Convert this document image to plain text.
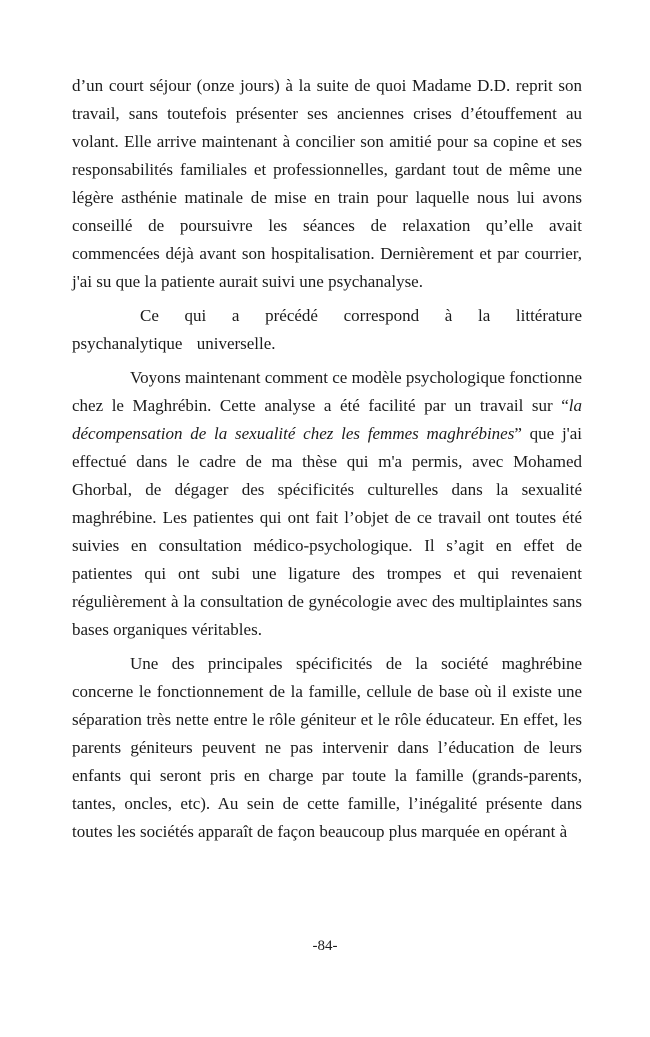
d’un court séjour (onze jours) à la suite de quoi Madame D.D. reprit son travail, sans toutefois présenter ses anciennes crises d’étouffement au volant. Elle arrive maintenant à concilier son amitié pour sa copine et ses responsabilités familiales et professionnelles, gardant tout de même une légère asthénie matinale de mise en train pour laquelle nous lui avons conseillé de poursuivre les séances de relaxation qu’elle avait commencées déjà avant son hospitalisation. Dernièrement et par courrier, j'ai su que la patiente aurait suivi une psychanalyse.

Ce qui a précédé correspond à la littérature psychanalytique universelle.

Voyons maintenant comment ce modèle psychologique fonctionne chez le Maghrébin. Cette analyse a été facilité par un travail sur “la décompensation de la sexualité chez les femmes maghrébines” que j'ai effectué dans le cadre de ma thèse qui m'a permis, avec Mohamed Ghorbal, de dégager des spécificités culturelles dans la sexualité maghrébine. Les patientes qui ont fait l’objet de ce travail ont toutes été suivies en consultation médico-psychologique. Il s’agit en effet de patientes qui ont subi une ligature des trompes et qui revenaient régulièrement à la consultation de gynécologie avec des multiplaintes sans bases organiques véritables.

Une des principales spécificités de la société maghrébine concerne le fonctionnement de la famille, cellule de base où il existe une séparation très nette entre le rôle géniteur et le rôle éducateur. En effet, les parents géniteurs peuvent ne pas intervenir dans l’éducation de leurs enfants qui seront pris en charge par toute la famille (grands-parents, tantes, oncles, etc). Au sein de cette famille, l’inégalité présente dans toutes les sociétés apparaît de façon beaucoup plus marquée en opérant à

-84-
